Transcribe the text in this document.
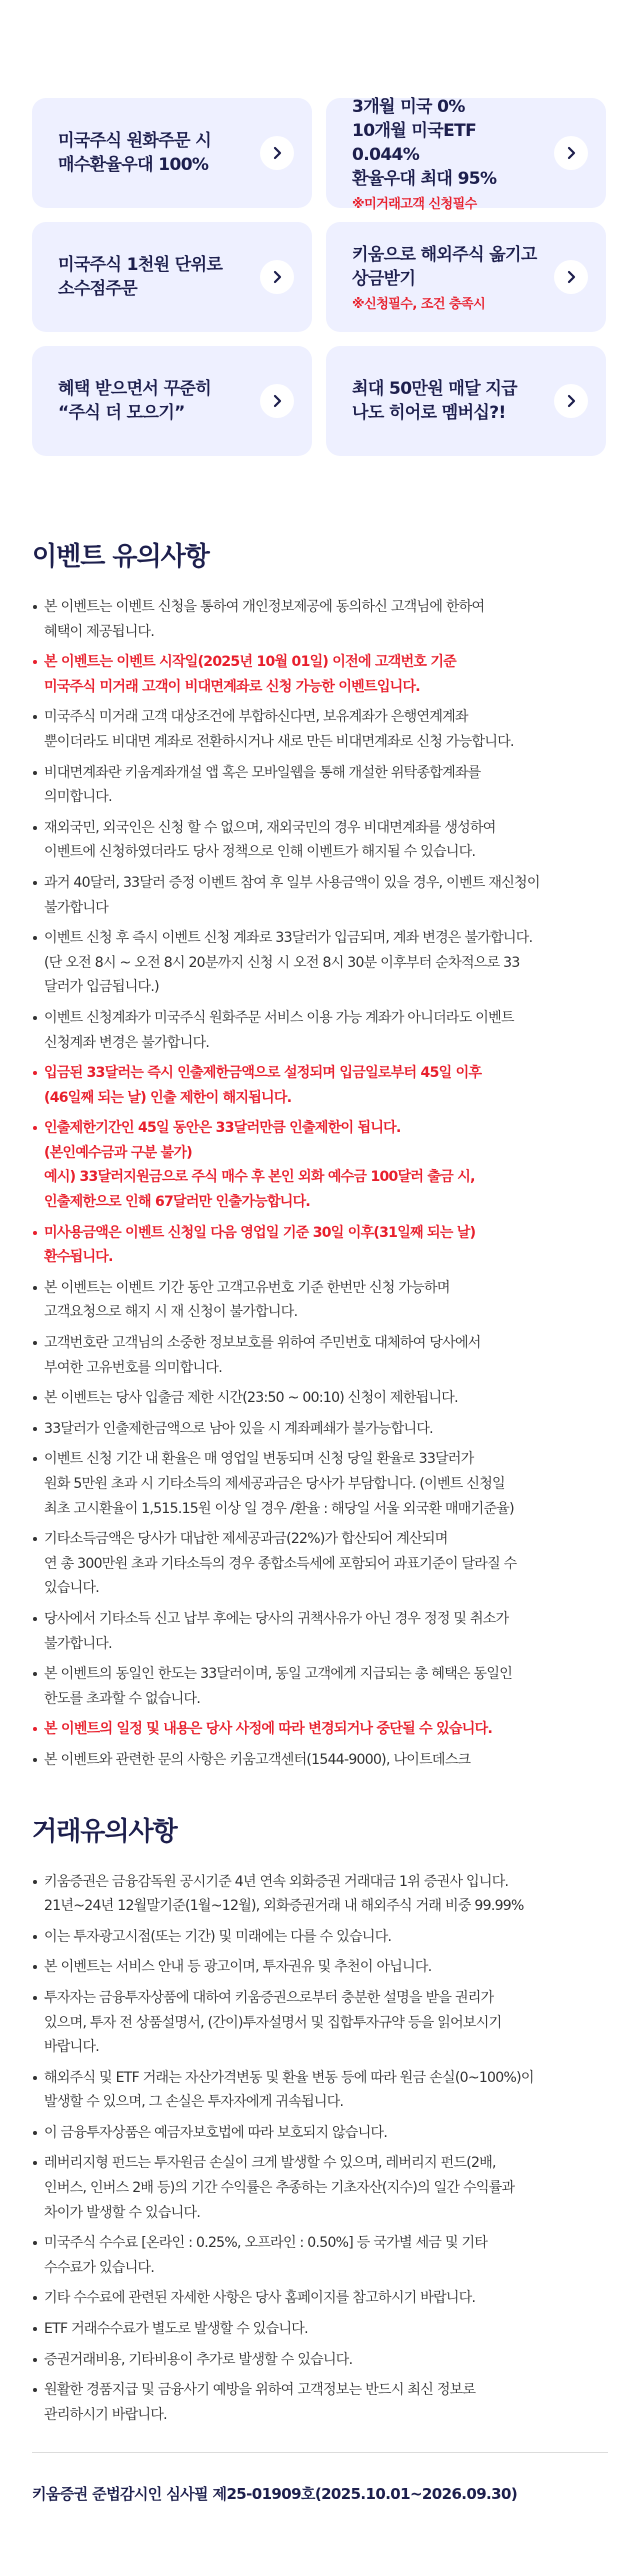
미국주식 원화주문 시
매수환율우대 100%
3개월 미국 0%
10개월 미국ETF 0.044%
환율우대 최대 95%
※미거래고객 신청필수
미국주식 1천원 단위로
소수점주문
키움으로 해외주식 옮기고
상금받기
※신청필수, 조건 충족시
혜택 받으면서 꾸준히
“주식 더 모으기”
최대 50만원 매달 지급
나도 히어로 멤버십?!
이벤트 유의사항
본 이벤트는 이벤트 신청을 통하여 개인정보제공에 동의하신 고객님에 한하여
혜택이 제공됩니다.
본 이벤트는 이벤트 시작일(2025년 10월 01일) 이전에 고객번호 기준
미국주식 미거래 고객이 비대면계좌로 신청 가능한 이벤트입니다.
미국주식 미거래 고객 대상조건에 부합하신다면, 보유계좌가 은행연계계좌
뿐이더라도 비대면 계좌로 전환하시거나 새로 만든 비대면계좌로 신청 가능합니다.
비대면계좌란 키움계좌개설 앱 혹은 모바일웹을 통해 개설한 위탁종합계좌를
의미합니다.
재외국민, 외국인은 신청 할 수 없으며, 재외국민의 경우 비대면계좌를 생성하여
이벤트에 신청하였더라도 당사 정책으로 인해 이벤트가 해지될 수 있습니다.
과거 40달러, 33달러 증정 이벤트 참여 후 일부 사용금액이 있을 경우, 이벤트 재신청이
불가합니다
이벤트 신청 후 즉시 이벤트 신청 계좌로 33달러가 입금되며, 계좌 변경은 불가합니다.
(단 오전 8시 ~ 오전 8시 20분까지 신청 시 오전 8시 30분 이후부터 순차적으로 33
달러가 입금됩니다.)
이벤트 신청계좌가 미국주식 원화주문 서비스 이용 가능 계좌가 아니더라도 이벤트
신청계좌 변경은 불가합니다.
입금된 33달러는 즉시 인출제한금액으로 설정되며 입금일로부터 45일 이후
(46일째 되는 날) 인출 제한이 해지됩니다.
인출제한기간인 45일 동안은 33달러만큼 인출제한이 됩니다.
(본인예수금과 구분 불가)
예시) 33달러지원금으로 주식 매수 후 본인 외화 예수금 100달러 출금 시,
인출제한으로 인해 67달러만 인출가능합니다.
미사용금액은 이벤트 신청일 다음 영업일 기준 30일 이후(31일째 되는 날)
환수됩니다.
본 이벤트는 이벤트 기간 동안 고객고유번호 기준 한번만 신청 가능하며
고객요청으로 해지 시 재 신청이 불가합니다.
고객번호란 고객님의 소중한 정보보호를 위하여 주민번호 대체하여 당사에서
부여한 고유번호를 의미합니다.
본 이벤트는 당사 입출금 제한 시간(23:50 ~ 00:10) 신청이 제한됩니다.
33달러가 인출제한금액으로 남아 있을 시 계좌폐쇄가 불가능합니다.
이벤트 신청 기간 내 환율은 매 영업일 변동되며 신청 당일 환율로 33달러가
원화 5만원 초과 시 기타소득의 제세공과금은 당사가 부담합니다. (이벤트 신청일
최초 고시환율이 1,515.15원 이상 일 경우 /환율 : 해당일 서울 외국환 매매기준율)
기타소득금액은 당사가 대납한 제세공과금(22%)가 합산되어 계산되며
연 총 300만원 초과 기타소득의 경우 종합소득세에 포함되어 과표기준이 달라질 수
있습니다.
당사에서 기타소득 신고 납부 후에는 당사의 귀책사유가 아닌 경우 정정 및 취소가
불가합니다.
본 이벤트의 동일인 한도는 33달러이며, 동일 고객에게 지급되는 총 혜택은 동일인
한도를 초과할 수 없습니다.
본 이벤트의 일정 및 내용은 당사 사정에 따라 변경되거나 중단될 수 있습니다.
본 이벤트와 관련한 문의 사항은 키움고객센터(1544-9000), 나이트데스크
거래유의사항
키움증권은 금융감독원 공시기준 4년 연속 외화증권 거래대금 1위 증권사 입니다.
21년~24년 12월말기준(1월~12월), 외화증권거래 내 해외주식 거래 비중 99.99%
이는 투자광고시점(또는 기간) 및 미래에는 다를 수 있습니다.
본 이벤트는 서비스 안내 등 광고이며, 투자권유 및 추천이 아닙니다.
투자자는 금융투자상품에 대하여 키움증권으로부터 충분한 설명을 받을 권리가
있으며, 투자 전 상품설명서, (간이)투자설명서 및 집합투자규약 등을 읽어보시기
바랍니다.
해외주식 및 ETF 거래는 자산가격변동 및 환율 변동 등에 따라 원금 손실(0~100%)이
발생할 수 있으며, 그 손실은 투자자에게 귀속됩니다.
이 금융투자상품은 예금자보호법에 따라 보호되지 않습니다.
레버리지형 펀드는 투자원금 손실이 크게 발생할 수 있으며, 레버리지 펀드(2배,
인버스, 인버스 2배 등)의 기간 수익률은 추종하는 기초자산(지수)의 일간 수익률과
차이가 발생할 수 있습니다.
미국주식 수수료 [온라인 : 0.25%, 오프라인 : 0.50%] 등 국가별 세금 및 기타
수수료가 있습니다.
기타 수수료에 관련된 자세한 사항은 당사 홈페이지를 참고하시기 바랍니다.
ETF 거래수수료가 별도로 발생할 수 있습니다.
증권거래비용, 기타비용이 추가로 발생할 수 있습니다.
원활한 경품지급 및 금융사기 예방을 위하여 고객정보는 반드시 최신 정보로
관리하시기 바랍니다.

키움증권 준법감시인 심사필 제25-01909호(2025.10.01~2026.09.30)
